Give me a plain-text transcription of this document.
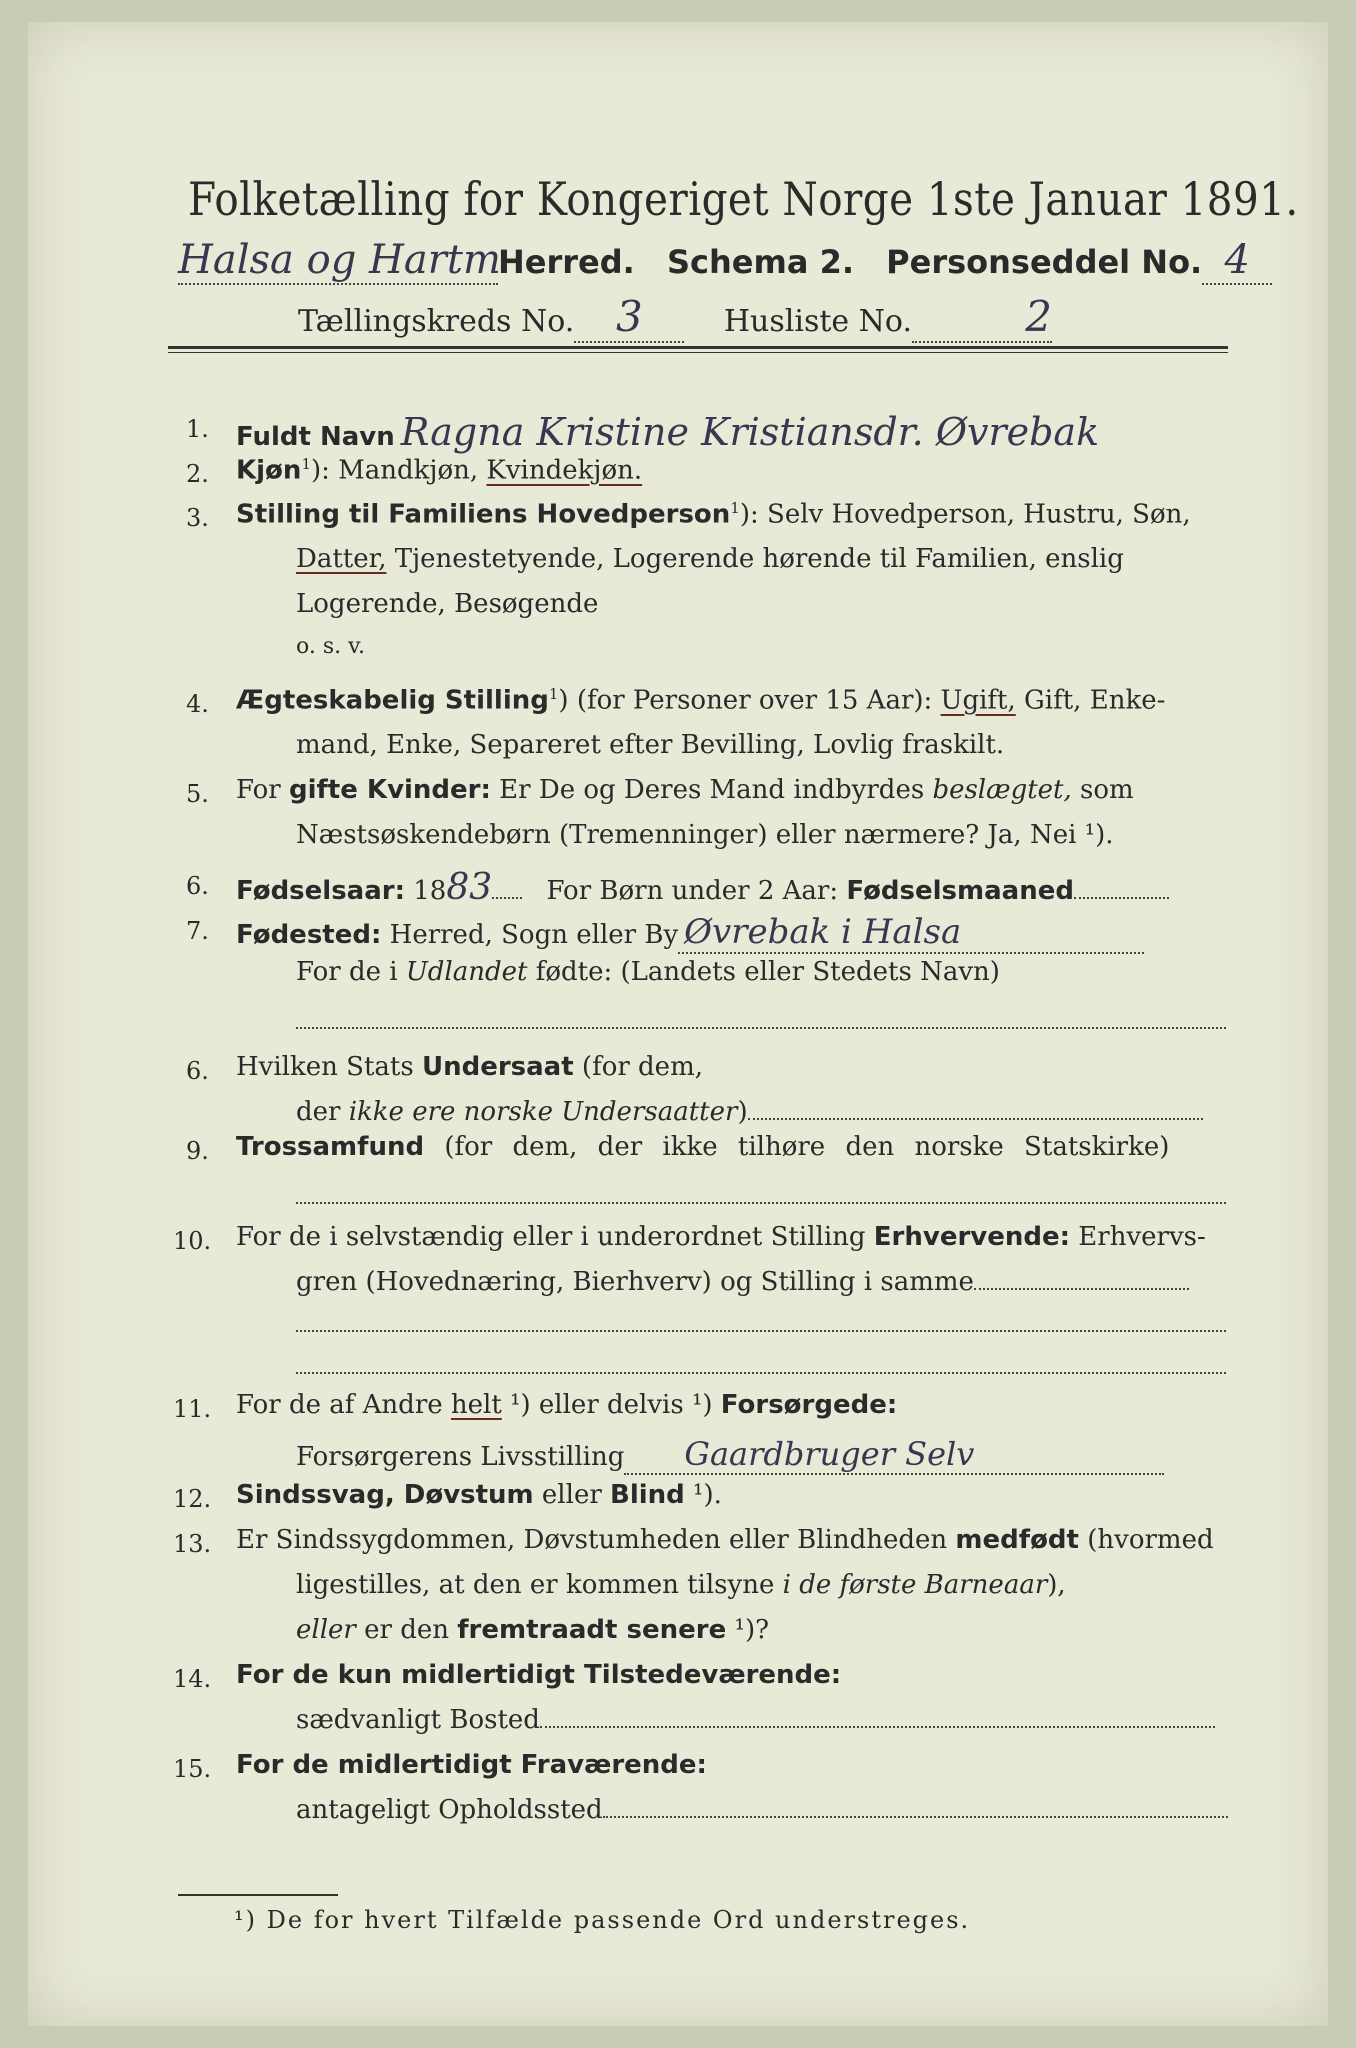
Folketælling for Kongeriget Norge 1ste Januar 1891.
Halsa og HartmHerred. Schema 2. Personseddel No. 4
Tællingskreds No. 3	Husliste No.	2
1.	Fuldt Navn Ragna Kristine Kristiansdr. Øvrebak
2.	Kjøn$^1$): Mandkjøn, Kvindekjøn.
3.	Stilling til Familiens Hovedperson$^1$): Selv Hovedperson, Hustru, Søn,
Datter, Tjenestetyende, Logerende hørende til Familien, enslig
Logerende, Besøgende
o. s. v.
4.	Ægteskabelig Stilling$^1$) (for Personer over 15 Aar): Ugift, Gift, Enke-
mand, Enke, Separeret efter Bevilling, Lovlig fraskilt.
5.	For gifte Kvinder: Er De og Deres Mand indbyrdes beslægtet, som
Næstsøskendebørn (Tremenninger) eller nærmere? Ja, Nei ¹).
6.	Fødselsaar: 1883 For Børn under 2 Aar: Fødselsmaaned
7.	Fødested: Herred, Sogn eller By Øvrebak i Halsa
For de i Udlandet fødte: (Landets eller Stedets Navn)
6.	Hvilken Stats Undersaat (for dem,
der ikke ere norske Undersaatter)
9.	Trossamfund (for dem, der ikke tilhøre den norske Statskirke)
10. For de i selvstændig eller i underordnet Stilling Erhvervende: Erhvervs-
gren (Hovednæring, Bierhverv) og Stilling i samme
11. For de af Andre helt ¹) eller delvis ¹) Forsørgede:
Forsørgerens Livsstilling Gaardbruger Selv
12. Sindssvag, Døvstum eller Blind ¹).
13. Er Sindssygdommen, Døvstumheden eller Blindheden medfødt (hvormed
ligestilles, at den er kommen tilsyne i de første Barneaar),
eller er den fremtraadt senere ¹)?
14. For de kun midlertidigt Tilstedeværende:
sædvanligt Bosted
15. For de midlertidigt Fraværende:
antageligt Opholdssted
¹) De for hvert Tilfælde passende Ord understreges.
